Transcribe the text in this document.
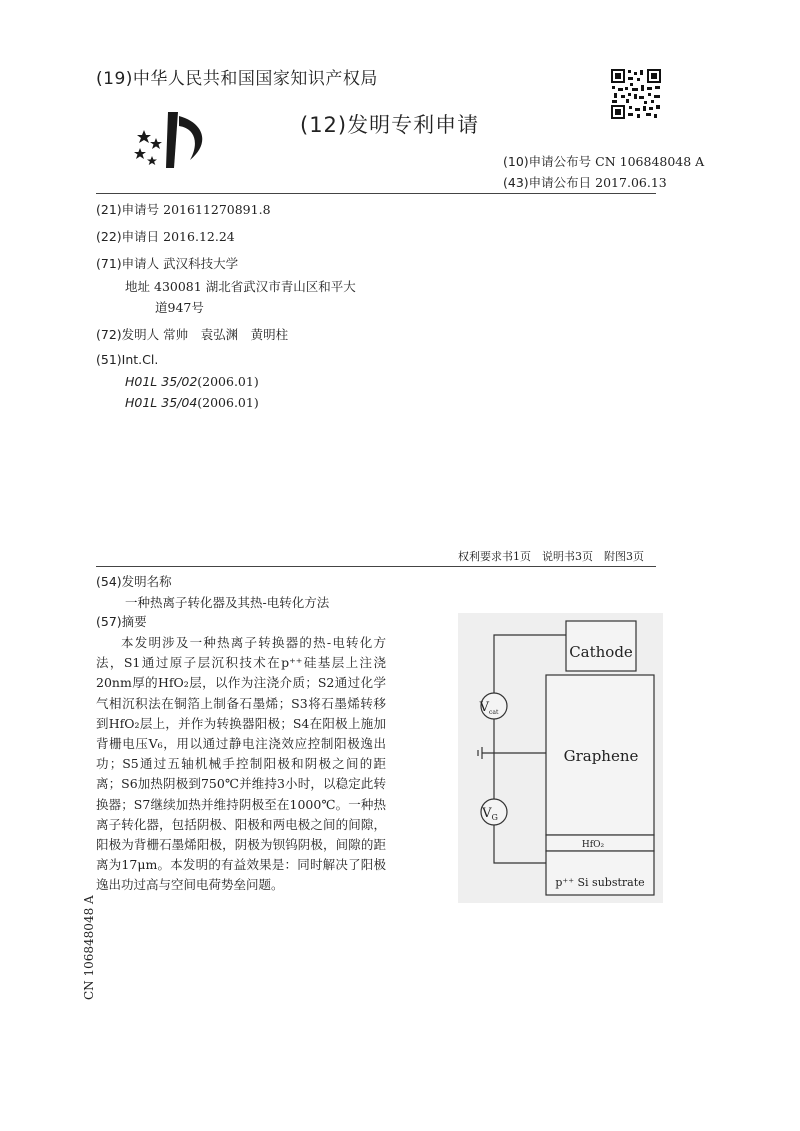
(19)中华人民共和国国家知识产权局
(12)发明专利申请
(10)申请公布号 CN 106848048 A
(43)申请公布日 2017.06.13
(21)申请号 201611270891.8
(22)申请日 2016.12.24
(71)申请人 武汉科技大学
地址 430081 湖北省武汉市青山区和平大
道947号
(72)发明人 常帅　袁弘渊　黄明柱
(51)Int.Cl.
H01L 35/02(2006.01)
H01L 35/04(2006.01)
权利要求书1页　说明书3页　附图3页
(54)发明名称
一种热离子转化器及其热-电转化方法
(57)摘要

本发明涉及一种热离子转换器的热-电转化方法，S1通过原子层沉积技术在p⁺⁺硅基层上注浇20nm厚的HfO₂层，以作为注浇介质；S2通过化学气相沉积法在铜箔上制备石墨烯；S3将石墨烯转移到HfO₂层上，并作为转换器阳极；S4在阳极上施加背栅电压V₆，用以通过静电注浇效应控制阳极逸出功；S5通过五轴机械手控制阳极和阴极之间的距离；S6加热阴极到750℃并维持3小时，以稳定此转换器；S7继续加热并维持阴极至在1000℃。一种热离子转化器，包括阴极、阳极和两电极之间的间隙，阳极为背栅石墨烯阳极，阴极为钡钨阴极，间隙的距离为17μm。本发明的有益效果是：同时解决了阳极逸出功过高与空间电荷势垒问题。

Cathode
Graphene
HfO₂
p⁺⁺ Si substrate
$V_{cat}$
$V_G$
CN 106848048 A
